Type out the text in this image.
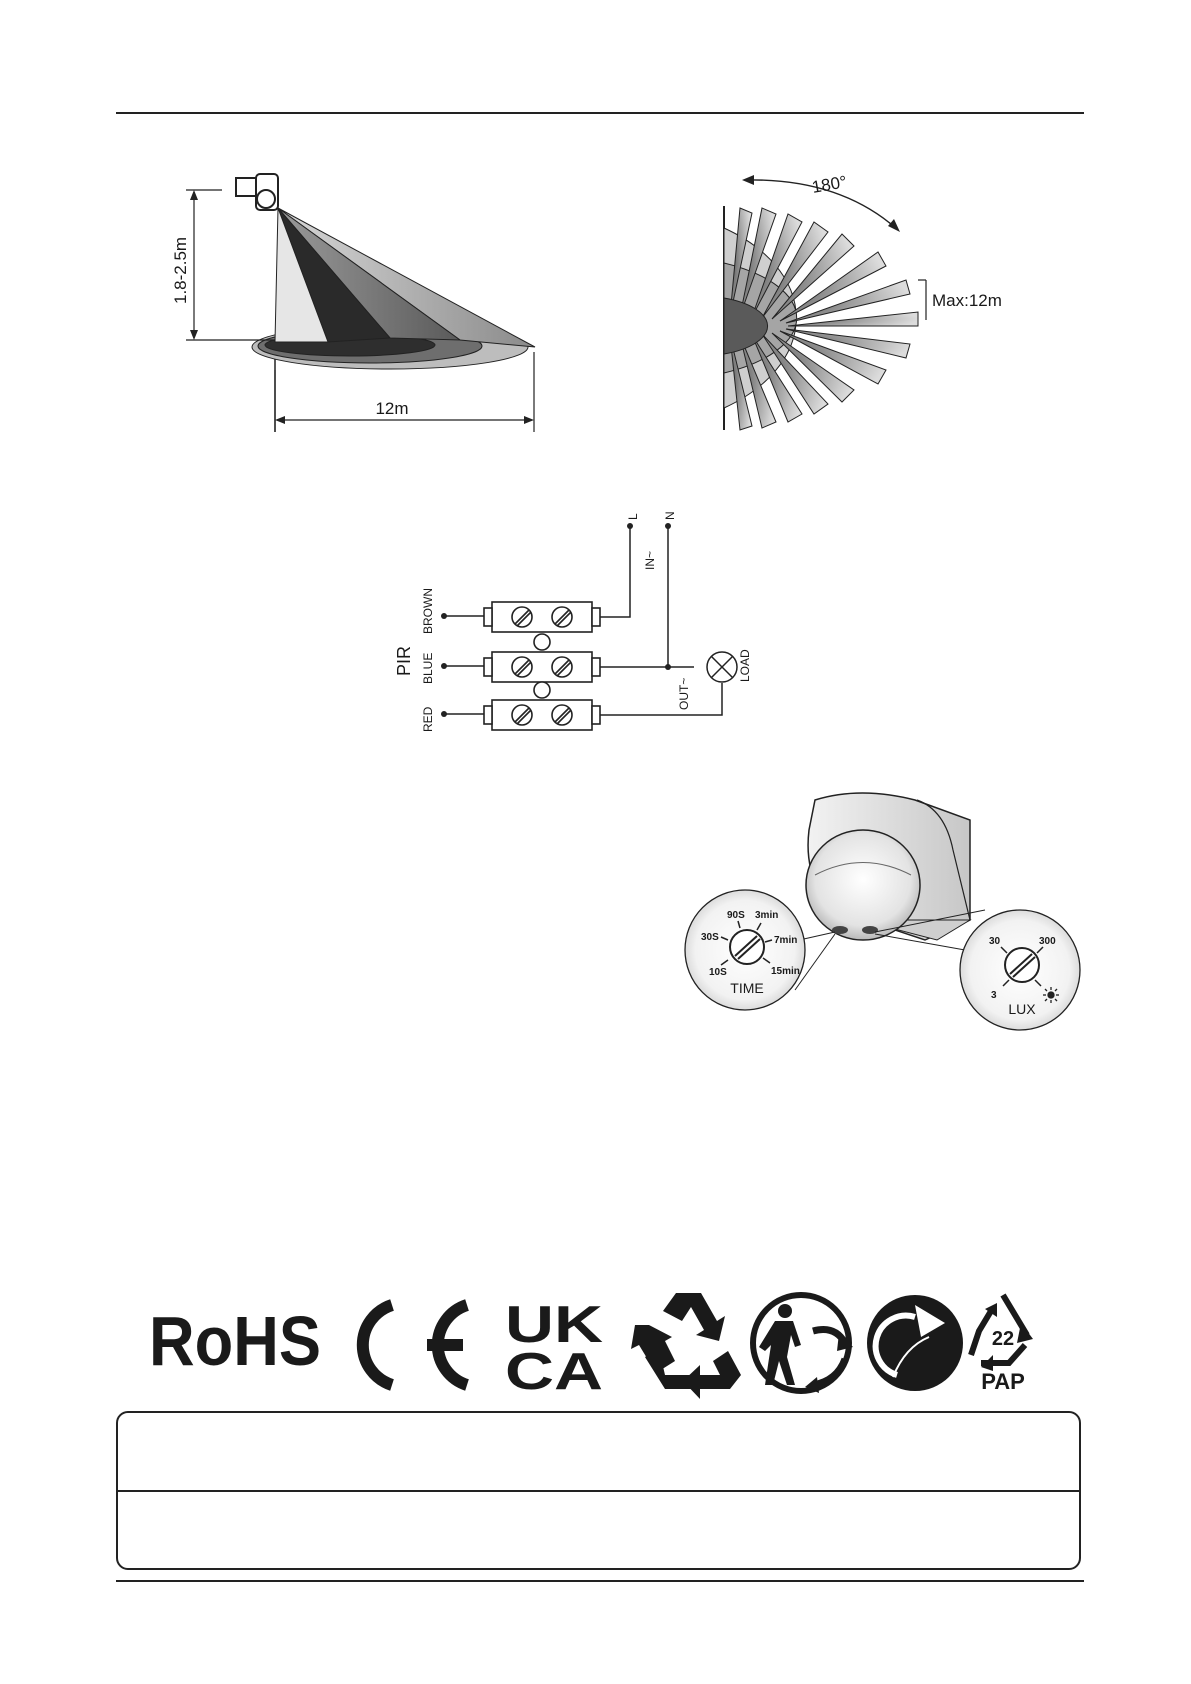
1.8-2.5m
12m
180°
Max:12m
PIR
BROWN
BLUE
RED
L N
IN~
OUT~
LOAD
10S
30S
90S 3min
7min
15min
TIME	3
30	300
LUX
RoHS	UK
CA
22
PAP
